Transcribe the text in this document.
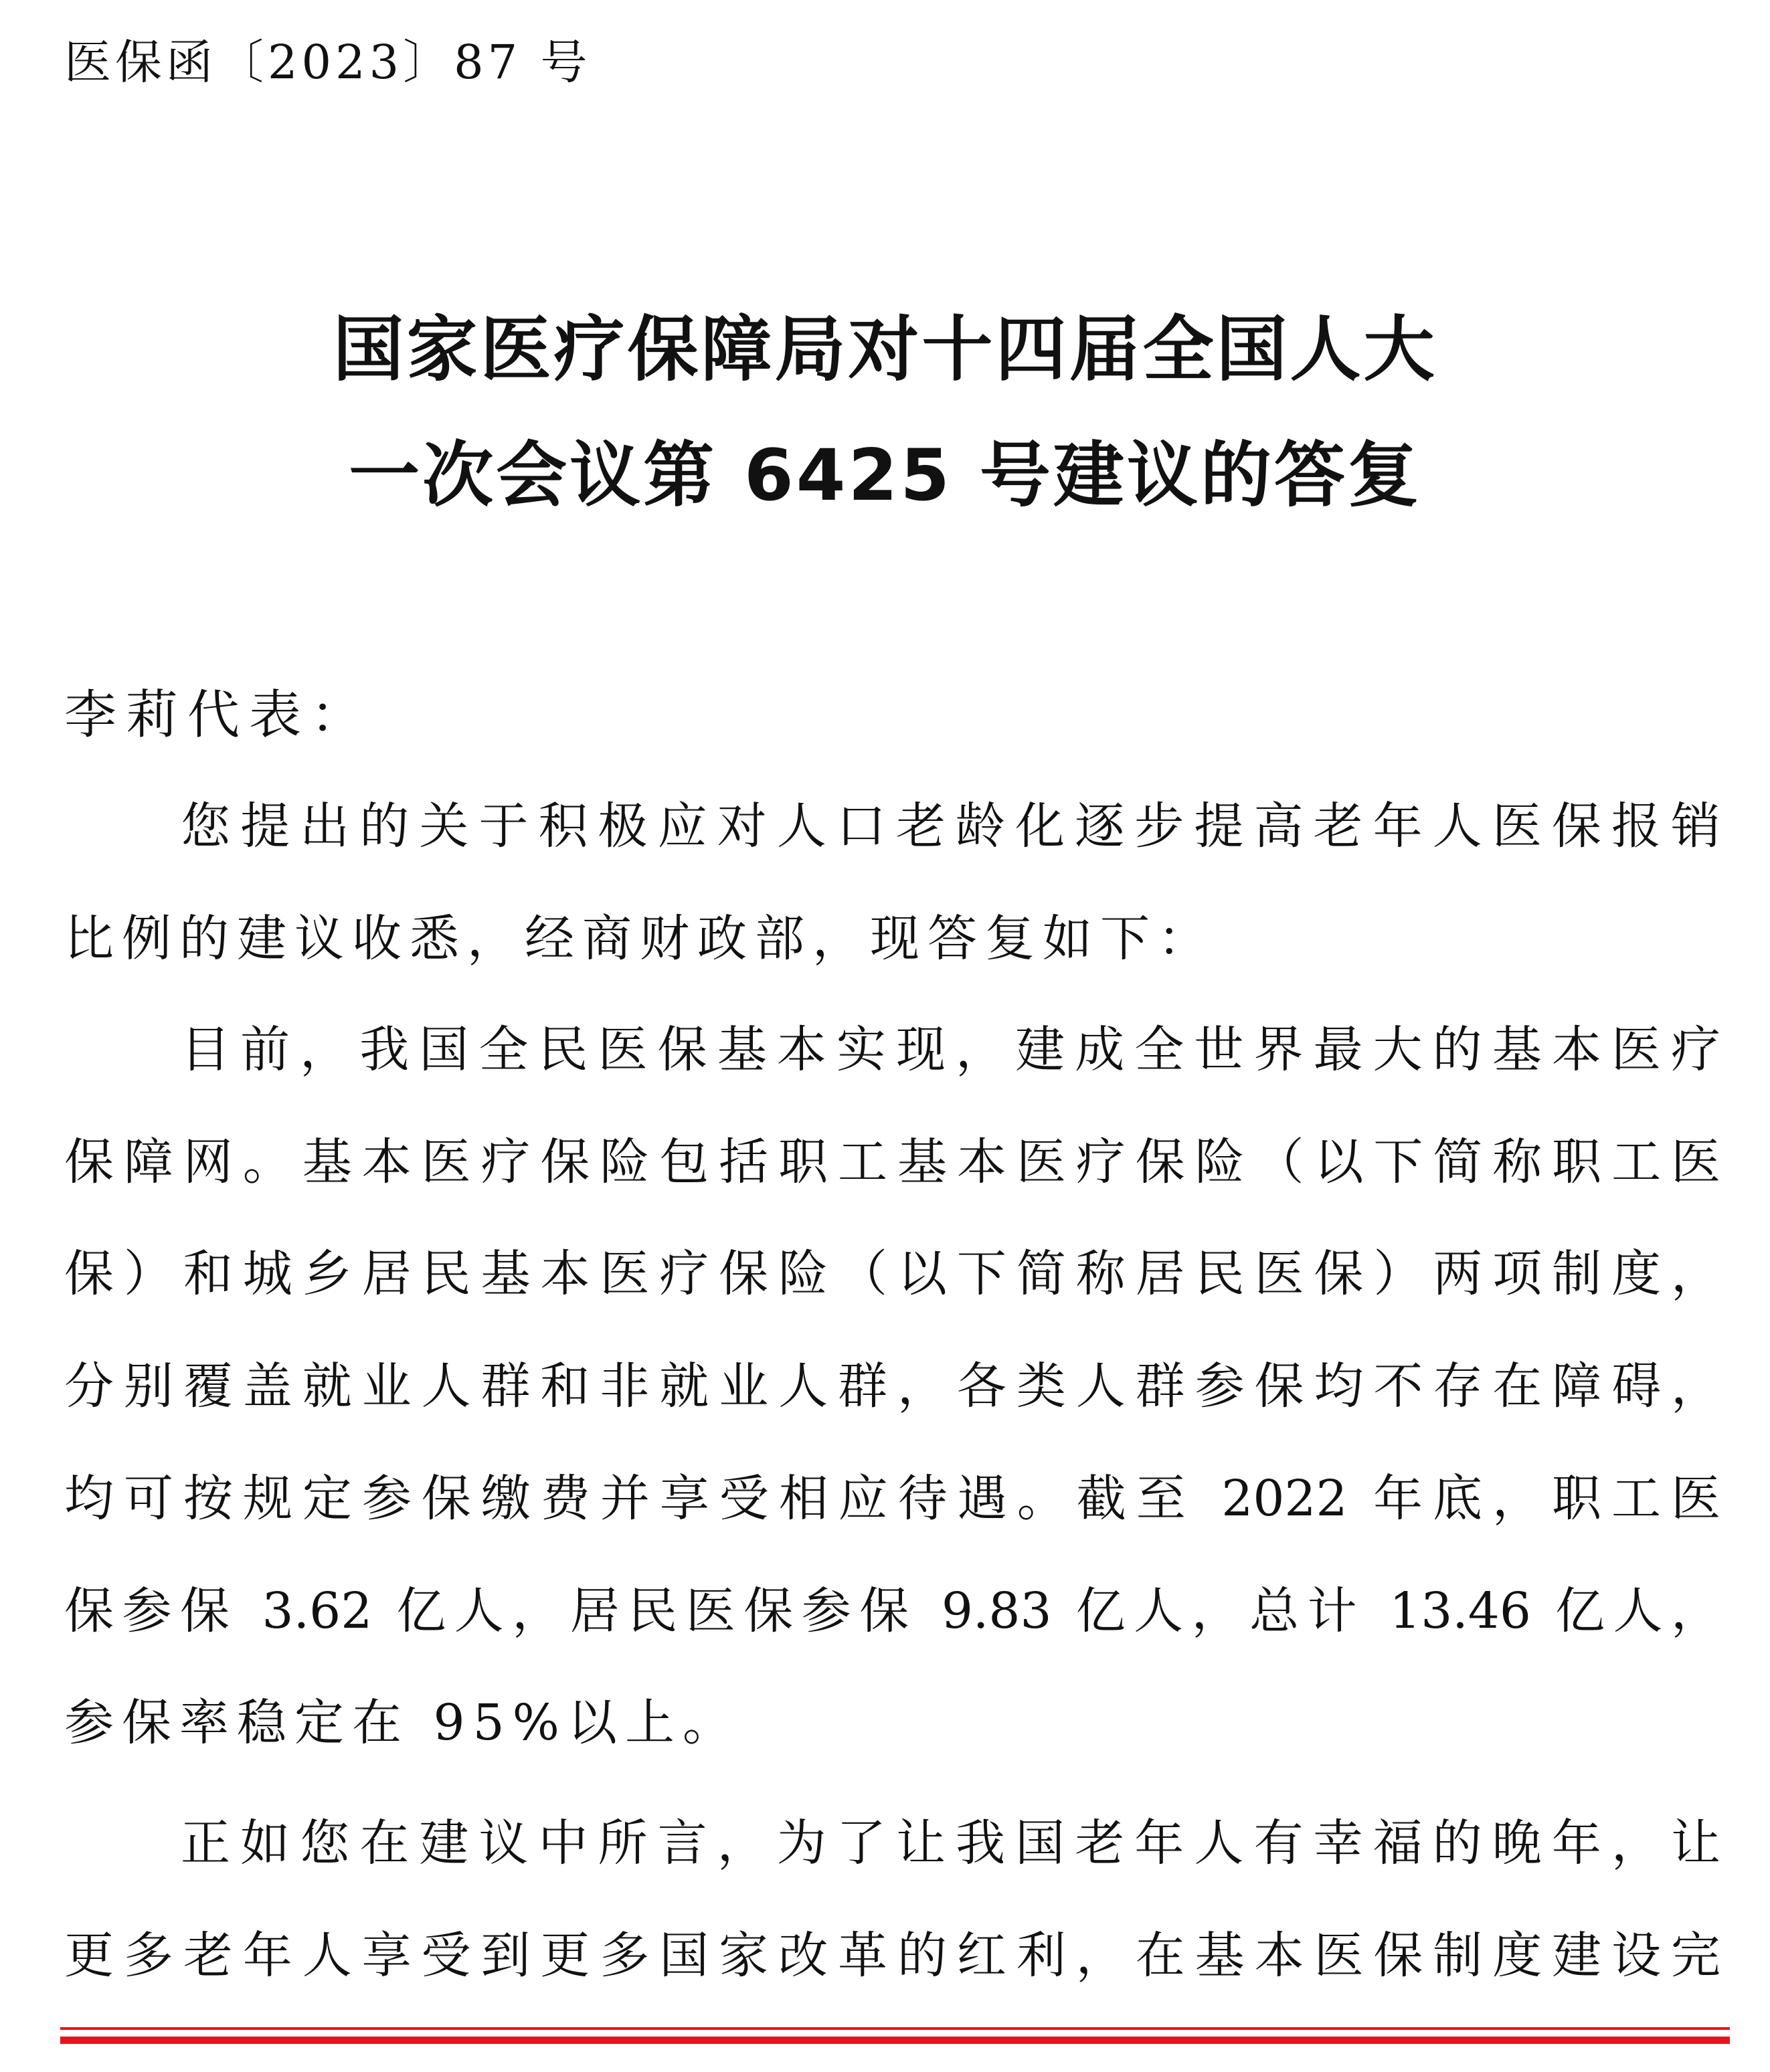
医保函〔2023〕87 号
国家医疗保障局对十四届全国人大
一次会议第 6425 号建议的答复
李莉代表：
您提出的关于积极应对人口老龄化逐步提高老年人医保报销
比例的建议收悉，经商财政部，现答复如下：
目前，我国全民医保基本实现，建成全世界最大的基本医疗
保障网。基本医疗保险包括职工基本医疗保险（以下简称职工医
保）和城乡居民基本医疗保险（以下简称居民医保）两项制度，
分别覆盖就业人群和非就业人群，各类人群参保均不存在障碍，
均可按规定参保缴费并享受相应待遇。截至 2022 年底，职工医
保参保 3.62 亿人，居民医保参保 9.83 亿人，总计 13.46 亿人，
参保率稳定在 95%以上。
正如您在建议中所言，为了让我国老年人有幸福的晚年，让
更多老年人享受到更多国家改革的红利，在基本医保制度建设完
